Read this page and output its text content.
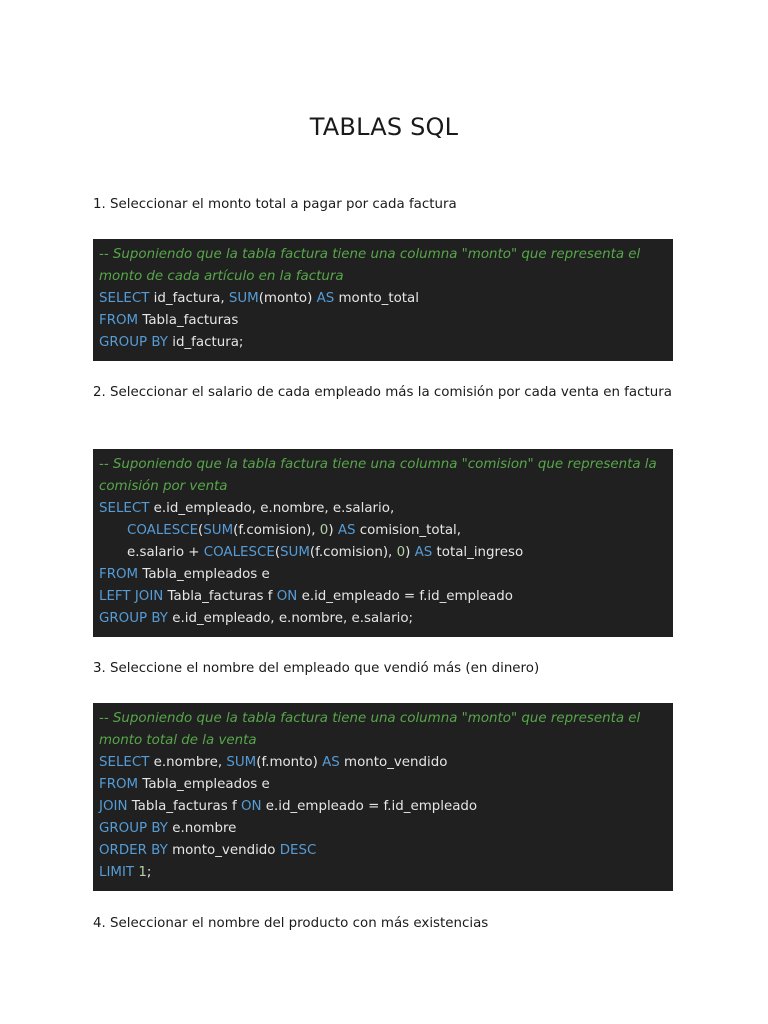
TABLAS SQL

1. Seleccionar el monto total a pagar por cada factura

-- Suponiendo que la tabla factura tiene una columna "monto" que representa el monto de cada artículo en la factura
SELECT id_factura, SUM(monto) AS monto_total
FROM Tabla_facturas
GROUP BY id_factura;

2. Seleccionar el salario de cada empleado más la comisión por cada venta en factura

-- Suponiendo que la tabla factura tiene una columna "comision" que representa la comisión por venta
SELECT e.id_empleado, e.nombre, e.salario,
COALESCE(SUM(f.comision), 0) AS comision_total,
e.salario + COALESCE(SUM(f.comision), 0) AS total_ingreso
FROM Tabla_empleados e
LEFT JOIN Tabla_facturas f ON e.id_empleado = f.id_empleado
GROUP BY e.id_empleado, e.nombre, e.salario;

3. Seleccione el nombre del empleado que vendió más (en dinero)

-- Suponiendo que la tabla factura tiene una columna "monto" que representa el monto total de la venta
SELECT e.nombre, SUM(f.monto) AS monto_vendido
FROM Tabla_empleados e
JOIN Tabla_facturas f ON e.id_empleado = f.id_empleado
GROUP BY e.nombre
ORDER BY monto_vendido DESC
LIMIT 1;

4. Seleccionar el nombre del producto con más existencias
